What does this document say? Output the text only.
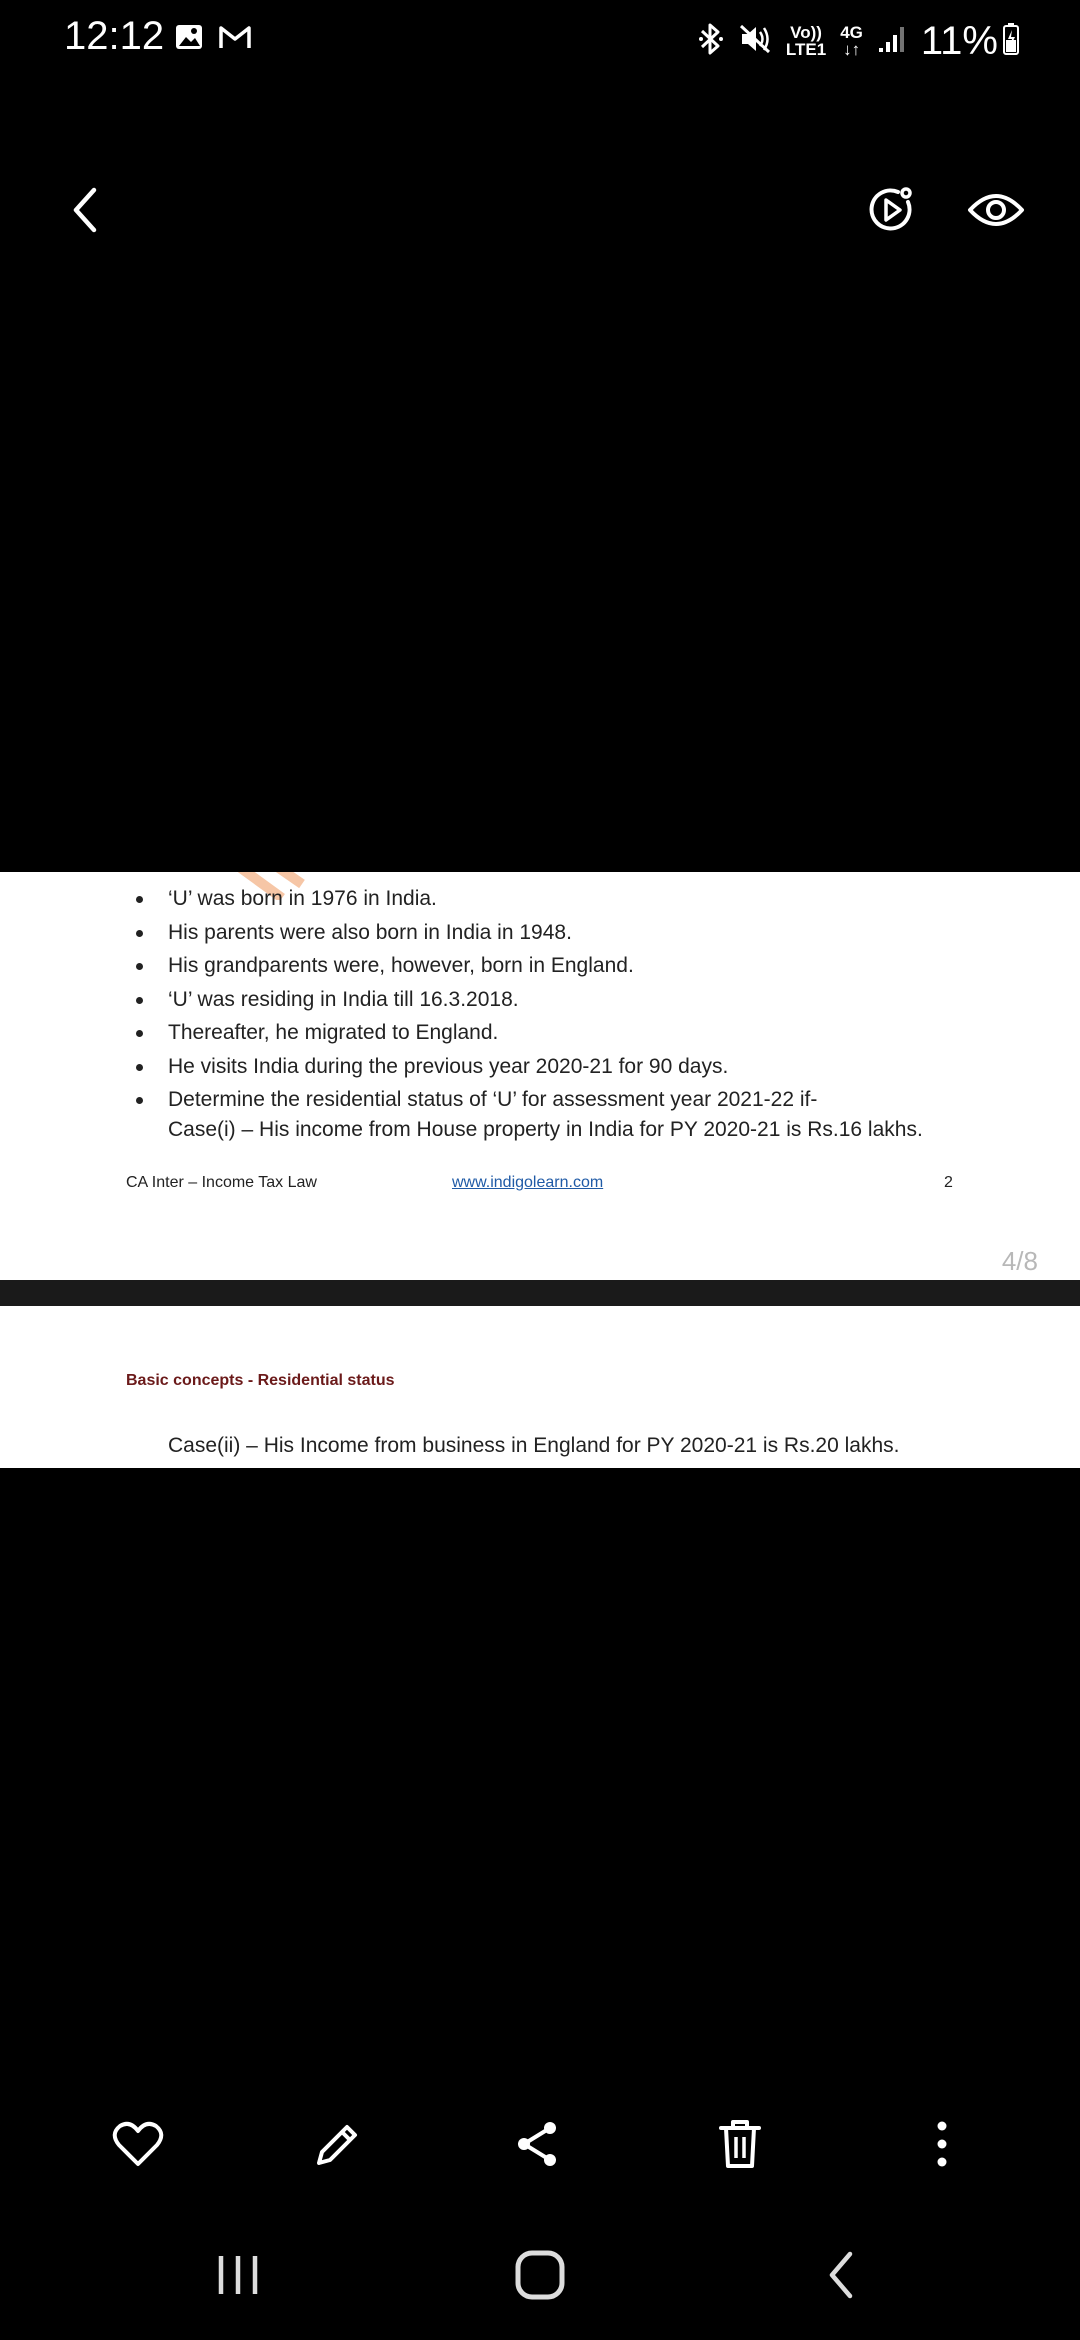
12:12	Vo))
LTE1
4G
↓↑ 11%
‘U’ was born in 1976 in India.
His parents were also born in India in 1948.
His grandparents were, however, born in England.
‘U’ was residing in India till 16.3.2018.
Thereafter, he migrated to England.
He visits India during the previous year 2020-21 for 90 days.
Determine the residential status of ‘U’ for assessment year 2021-22 if-
Case(i) – His income from House property in India for PY 2020-21 is Rs.16 lakhs.
CA Inter – Income Tax Law	www.indigolearn.com	2
4/8
Basic concepts - Residential status
Case(ii) – His Income from business in England for PY 2020-21 is Rs.20 lakhs.
